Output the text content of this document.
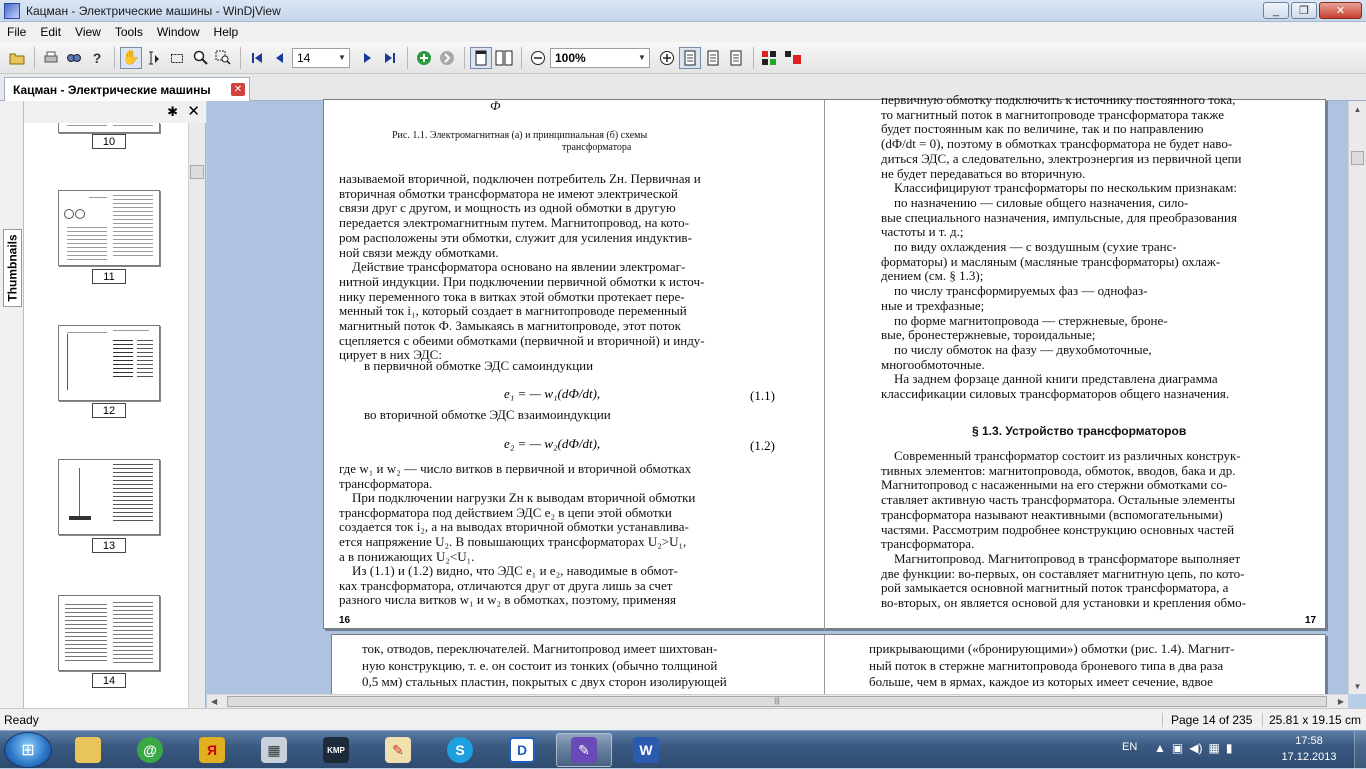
Кацман - Электрические машины - WinDjView	_	❐	✕
File	Edit	View	Tools	Window	Help
? ✋	14	▼	100%	▼
Кацман - Электрические машины ✕
Thumbnails
✱ ✕
10
11
12
13
14
Ф
Рис. 1.1. Электромагнитная (а) и принципиальная (б) схемы
трансформатора
называемой вторичной, подключен потребитель Zн. Первичная и
вторичная обмотки трансформатора не имеют электрической
связи друг с другом, и мощность из одной обмотки в другую
передается электромагнитным путем. Магнитопровод, на кото-
ром расположены эти обмотки, служит для усиления индуктив-
ной связи между обмотками.
Действие трансформатора основано на явлении электромаг-
нитной индукции. При подключении первичной обмотки к источ-
нику переменного тока в витках этой обмотки протекает пере-
менный ток i₁, который создает в магнитопроводе переменный
магнитный поток Ф. Замыкаясь в магнитопроводе, этот поток
сцепляется с обеими обмотками (первичной и вторичной) и инду-
цирует в них ЭДС:
в первичной обмотке ЭДС самоиндукции
e₁ = — w₁(dФ/dt),	(1.1)
во вторичной обмотке ЭДС взаимоиндукции
e₂ = — w₂(dФ/dt),	(1.2)
где w₁ и w₂ — число витков в первичной и вторичной обмотках
трансформатора.
При подключении нагрузки Zн к выводам вторичной обмотки
трансформатора под действием ЭДС e₂ в цепи этой обмотки
создается ток i₂, а на выводах вторичной обмотки устанавлива-
ется напряжение U₂. В повышающих трансформаторах U₂>U₁,
а в понижающих U₂<U₁.
Из (1.1) и (1.2) видно, что ЭДС e₁ и e₂, наводимые в обмот-
ках трансформатора, отличаются друг от друга лишь за счет
разного числа витков w₁ и w₂ в обмотках, поэтому, применяя
16
первичную обмотку подключить к источнику постоянного тока,
то магнитный поток в магнитопроводе трансформатора также
будет постоянным как по величине, так и по направлению
(dФ/dt = 0), поэтому в обмотках трансформатора не будет наво-
диться ЭДС, а следовательно, электроэнергия из первичной цепи
не будет передаваться во вторичную.
Классифицируют трансформаторы по нескольким признакам:
по назначению — силовые общего назначения, сило-
вые специального назначения, импульсные, для преобразования
частоты и т. д.;
по виду охлаждения — с воздушным (сухие транс-
форматоры) и масляным (масляные трансформаторы) охлаж-
дением (см. § 1.3);
по числу трансформируемых фаз — однофаз-
ные и трехфазные;
по форме магнитопровода — стержневые, броне-
вые, бронестержневые, тороидальные;
по числу обмоток на фазу — двухобмоточные,
многообмоточные.
На заднем форзаце данной книги представлена диаграмма
классификации силовых трансформаторов общего назначения.
§ 1.3. Устройство трансформаторов
Современный трансформатор состоит из различных конструк-
тивных элементов: магнитопровода, обмоток, вводов, бака и др.
Магнитопровод с насаженными на его стержни обмотками со-
ставляет активную часть трансформатора. Остальные элементы
трансформатора называют неактивными (вспомогательными)
частями. Рассмотрим подробнее конструкцию основных частей
трансформатора.
Магнитопровод. Магнитопровод в трансформаторе выполняет
две функции: во-первых, он составляет магнитную цепь, по кото-
рой замыкается основной магнитный поток трансформатора, а
во-вторых, он является основой для установки и крепления обмо-
17
ток, отводов, переключателей. Магнитопровод имеет шихтован-
ную конструкцию, т. е. он состоит из тонких (обычно толщиной
0,5 мм) стальных пластин, покрытых с двух сторон изолирующей
прикрывающими («бронирующими») обмотки (рис. 1.4). Магнит-
ный поток в стержне магнитопровода броневого типа в два раза
больше, чем в ярмах, каждое из которых имеет сечение, вдвое
▲
▼
◀	|||	▶
Ready	Page 14 of 235	25.81 x 19.15 cm
⊞	@	Я	▦	KMP	✎	S	D	✎	W	EN ▲ ▣ ◀) ▦ ▮	17:58
17.12.2013
